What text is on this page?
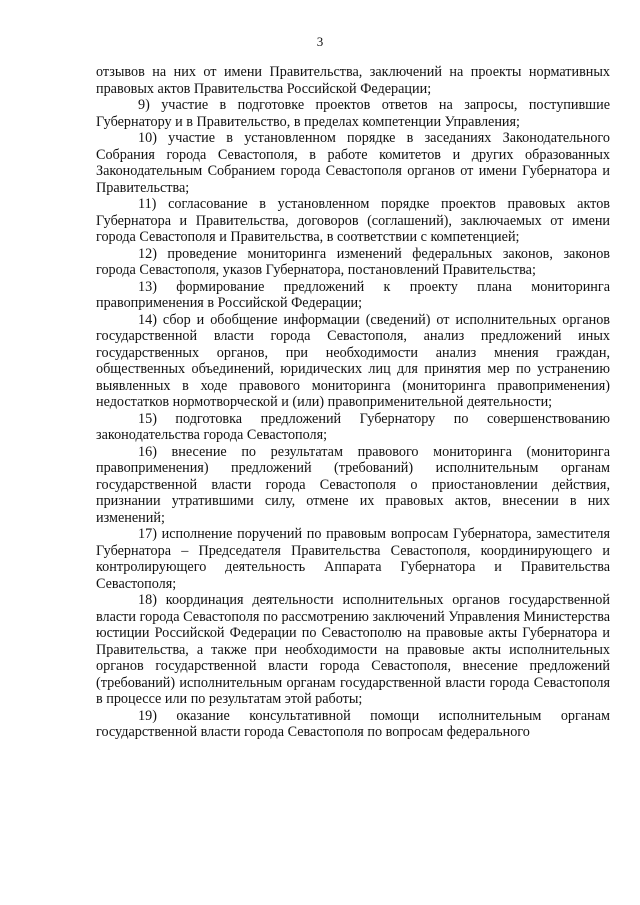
3

отзывов на них от имени Правительства, заключений на проекты нормативных правовых актов Правительства Российской Федерации;

9) участие в подготовке проектов ответов на запросы, поступившие Губернатору и в Правительство, в пределах компетенции Управления;

10) участие в установленном порядке в заседаниях Законодательного Собрания города Севастополя, в работе комитетов и других образованных Законодательным Собранием города Севастополя органов от имени Губернатора и Правительства;

11) согласование в установленном порядке проектов правовых актов Губернатора и Правительства, договоров (соглашений), заключаемых от имени города Севастополя и Правительства, в соответствии с компетенцией;

12) проведение мониторинга изменений федеральных законов, законов города Севастополя, указов Губернатора, постановлений Правительства;

13) формирование предложений к проекту плана мониторинга правоприменения в Российской Федерации;

14) сбор и обобщение информации (сведений) от исполнительных органов государственной власти города Севастополя, анализ предложений иных государственных органов, при необходимости анализ мнения граждан, общественных объединений, юридических лиц для принятия мер по устранению выявленных в ходе правового мониторинга (мониторинга правоприменения) недостатков нормотворческой и (или) правоприменительной деятельности;

15) подготовка предложений Губернатору по совершенствованию законодательства города Севастополя;

16) внесение по результатам правового мониторинга (мониторинга правоприменения) предложений (требований) исполнительным органам государственной власти города Севастополя о приостановлении действия, признании утратившими силу, отмене их правовых актов, внесении в них изменений;

17) исполнение поручений по правовым вопросам Губернатора, заместителя Губернатора – Председателя Правительства Севастополя, координирующего и контролирующего деятельность Аппарата Губернатора и Правительства Севастополя;

18) координация деятельности исполнительных органов государственной власти города Севастополя по рассмотрению заключений Управления Министерства юстиции Российской Федерации по Севастополю на правовые акты Губернатора и Правительства, а также при необходимости на правовые акты исполнительных органов государственной власти города Севастополя, внесение предложений (требований) исполнительным органам государственной власти города Севастополя в процессе или по результатам этой работы;

19) оказание консультативной помощи исполнительным органам государственной власти города Севастополя по вопросам федерального
